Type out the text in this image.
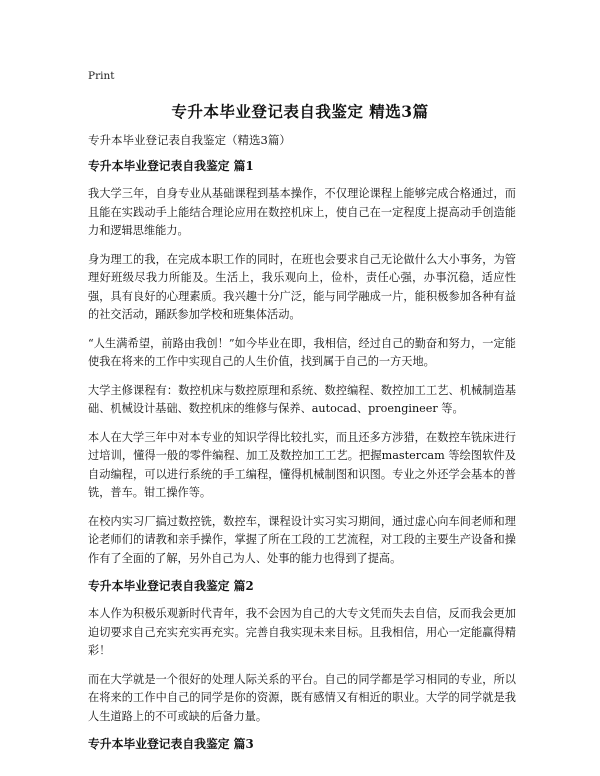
Print
专升本毕业登记表自我鉴定 精选3篇
专升本毕业登记表自我鉴定（精选3篇）
专升本毕业登记表自我鉴定 篇1

我大学三年，自身专业从基础课程到基本操作，不仅理论课程上能够完成合格通过，而且能在实践动手上能结合理论应用在数控机床上，使自己在一定程度上提高动手创造能力和逻辑思维能力。

身为理工的我，在完成本职工作的同时，在班也会要求自己无论做什么大小事务，为管理好班级尽我力所能及。生活上，我乐观向上，俭朴，责任心强，办事沉稳，适应性强，具有良好的心理素质。我兴趣十分广泛，能与同学融成一片，能积极参加各种有益的社交活动，踊跃参加学校和班集体活动。

“人生满希望，前路由我创！”如今毕业在即，我相信，经过自己的勤奋和努力，一定能使我在将来的工作中实现自己的人生价值，找到属于自己的一方天地。

大学主修课程有：数控机床与数控原理和系统、数控编程、数控加工工艺、机械制造基础、机械设计基础、数控机床的维修与保养、autocad、proengineer 等。

本人在大学三年中对本专业的知识学得比较扎实，而且还多方涉猎，在数控车铣床进行过培训，懂得一般的零件编程、加工及数控加工工艺。把握mastercam 等绘图软件及自动编程，可以进行系统的手工编程，懂得机械制图和识图。专业之外还学会基本的普铣，普车。钳工操作等。

在校内实习厂搞过数控铣，数控车，课程设计实习实习期间，通过虚心向车间老师和理论老师们的请教和亲手操作，掌握了所在工段的工艺流程，对工段的主要生产设备和操作有了全面的了解，另外自己为人、处事的能力也得到了提高。

专升本毕业登记表自我鉴定 篇2

本人作为积极乐观新时代青年，我不会因为自己的大专文凭而失去自信，反而我会更加迫切要求自己充实充实再充实。完善自我实现未来目标。且我相信，用心一定能赢得精彩！

而在大学就是一个很好的处理人际关系的平台。自己的同学都是学习相同的专业，所以在将来的工作中自己的同学是你的资源，既有感情又有相近的职业。大学的同学就是我人生道路上的不可或缺的后备力量。

专升本毕业登记表自我鉴定 篇3
